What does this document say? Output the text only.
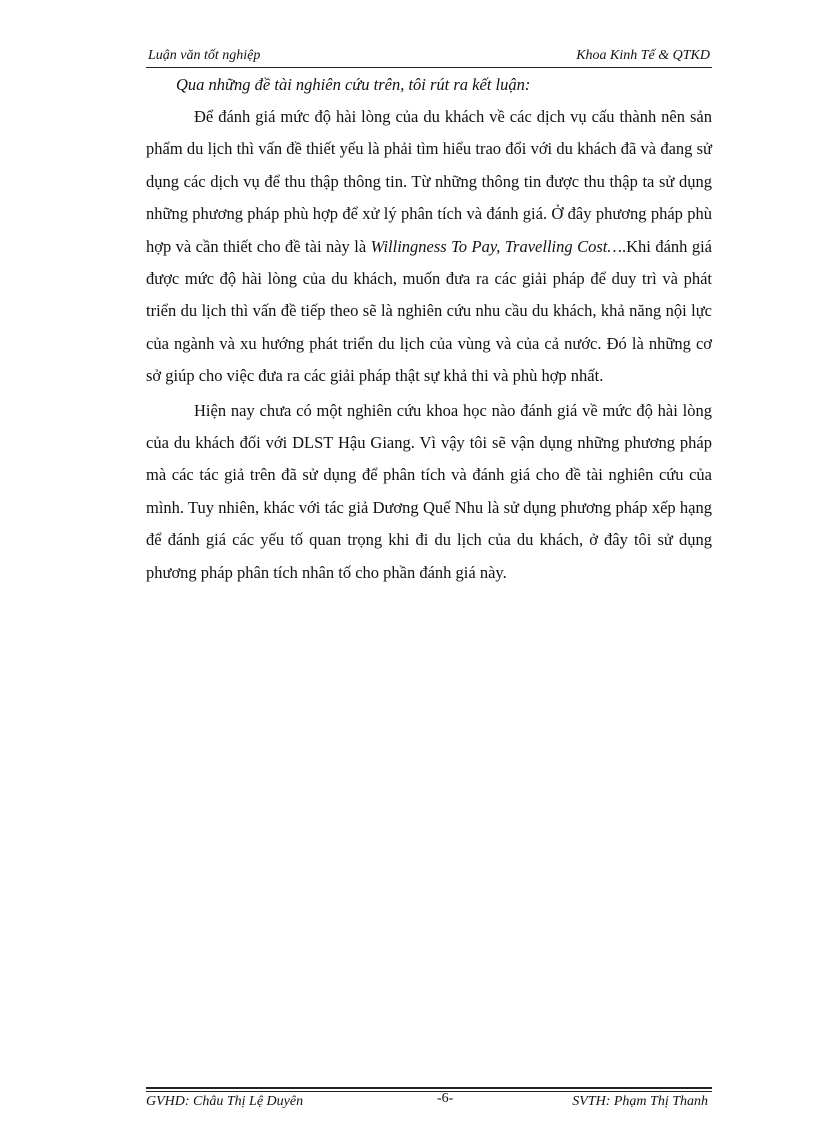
Luận văn tốt nghiệp	Khoa Kinh Tế & QTKD

Qua những đề tài nghiên cứu trên, tôi rút ra kết luận:

Để đánh giá mức độ hài lòng của du khách về các dịch vụ cấu thành nên sản phẩm du lịch thì vấn đề thiết yếu là phải tìm hiểu trao đổi với du khách đã và đang sử dụng các dịch vụ để thu thập thông tin. Từ những thông tin được thu thập ta sử dụng những phương pháp phù hợp để xử lý phân tích và đánh giá. Ở đây phương pháp phù hợp và cần thiết cho đề tài này là Willingness To Pay, Travelling Cost….Khi đánh giá được mức độ hài lòng của du khách, muốn đưa ra các giải pháp để duy trì và phát triển du lịch thì vấn đề tiếp theo sẽ là nghiên cứu nhu cầu du khách, khả năng nội lực của ngành và xu hướng phát triển du lịch của vùng và của cả nước. Đó là những cơ sở giúp cho việc đưa ra các giải pháp thật sự khả thi và phù hợp nhất.

Hiện nay chưa có một nghiên cứu khoa học nào đánh giá về mức độ hài lòng của du khách đối với DLST Hậu Giang. Vì vậy tôi sẽ vận dụng những phương pháp mà các tác giả trên đã sử dụng để phân tích và đánh giá cho đề tài nghiên cứu của mình. Tuy nhiên, khác với tác giả Dương Quế Nhu là sử dụng phương pháp xếp hạng để đánh giá các yếu tố quan trọng khi đi du lịch của du khách, ở đây tôi sử dụng phương pháp phân tích nhân tố cho phần đánh giá này.

GVHD: Châu Thị Lệ Duyên	-6-	SVTH: Phạm Thị Thanh
